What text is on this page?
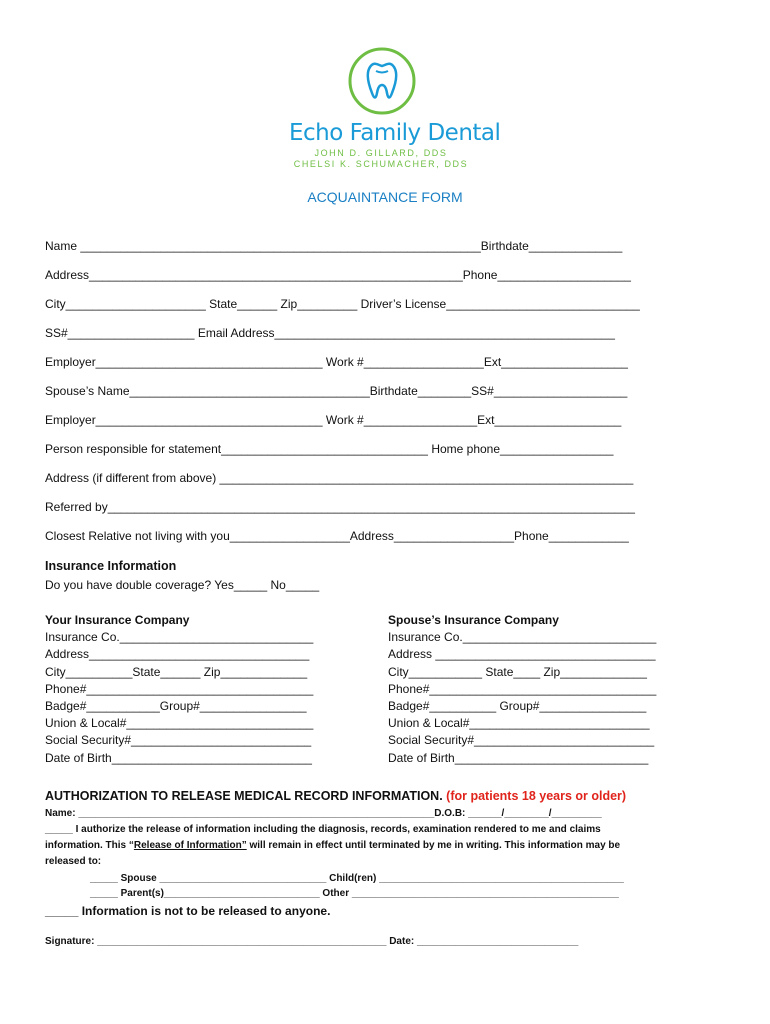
Echo Family Dental
JOHN D. GILLARD, DDS
CHELSI K. SCHUMACHER, DDS
ACQUAINTANCE FORM
Name ____________________________________________________________Birthdate______________
Address________________________________________________________Phone____________________
City_____________________ State______ Zip_________ Driver’s License_____________________________
SS#___________________ Email Address___________________________________________________
Employer__________________________________ Work #__________________Ext___________________
Spouse’s Name____________________________________Birthdate________SS#____________________
Employer__________________________________ Work #_________________Ext___________________
Person responsible for statement_______________________________ Home phone_________________
Address (if different from above) ______________________________________________________________
Referred by_______________________________________________________________________________
Closest Relative not living with you__________________Address__________________Phone____________
Insurance Information
Do you have double coverage? Yes_____ No_____
Your Insurance Company
Insurance Co._____________________________
Address_________________________________
City__________State______ Zip_____________
Phone#__________________________________
Badge#___________Group#________________
Union & Local#____________________________
Social Security#___________________________
Date of Birth______________________________
Spouse’s Insurance Company
Insurance Co._____________________________
Address _________________________________
City___________ State____ Zip_____________
Phone#__________________________________
Badge#__________ Group#________________
Union & Local#___________________________
Social Security#___________________________
Date of Birth_____________________________
AUTHORIZATION TO RELEASE MEDICAL RECORD INFORMATION. (for patients 18 years or older)
Name: ________________________________________________________________D.O.B: ______/________/_________
_____ I authorize the release of information including the diagnosis, records, examination rendered to me and claims
information. This “Release of Information” will remain in effect until terminated by me in writing. This information may be
released to:
_____ Spouse ______________________________ Child(ren) ____________________________________________
_____ Parent(s)____________________________ Other ________________________________________________
_____ Information is not to be released to anyone.
Signature: ____________________________________________________ Date: _____________________________
